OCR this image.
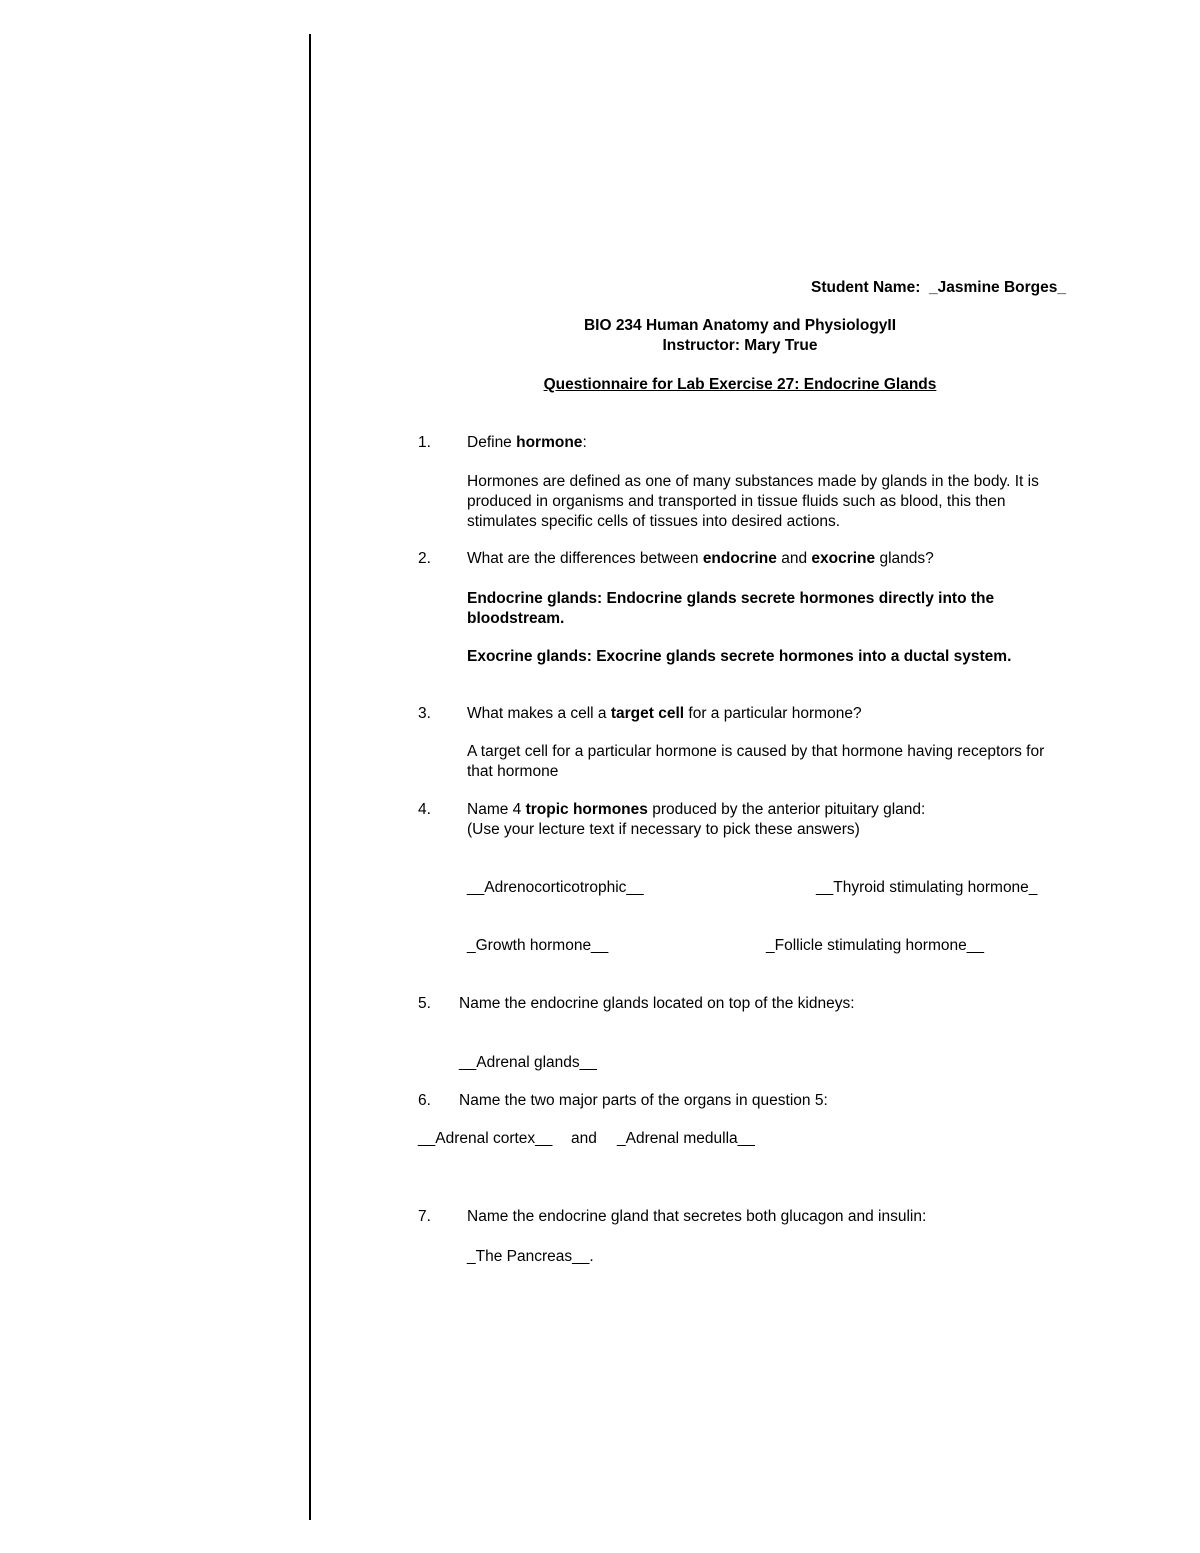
Student Name: _Jasmine Borges_
BIO 234 Human Anatomy and PhysiologyII
Instructor: Mary True
Questionnaire for Lab Exercise 27: Endocrine Glands
1. Define hormone:
Hormones are defined as one of many substances made by glands in the body. It is produced in organisms and transported in tissue fluids such as blood, this then stimulates specific cells of tissues into desired actions.
2. What are the differences between endocrine and exocrine glands?
Endocrine glands: Endocrine glands secrete hormones directly into the bloodstream.
Exocrine glands: Exocrine glands secrete hormones into a ductal system.
3. What makes a cell a target cell for a particular hormone?
A target cell for a particular hormone is caused by that hormone having receptors for that hormone
4. Name 4 tropic hormones produced by the anterior pituitary gland:
(Use your lecture text if necessary to pick these answers)
__Adrenocorticotrophic__	__Thyroid stimulating hormone_
_Growth hormone__	_Follicle stimulating hormone__
5. Name the endocrine glands located on top of the kidneys:
__Adrenal glands__
6. Name the two major parts of the organs in question 5:
__Adrenal cortex__ and _Adrenal medulla__
7. Name the endocrine gland that secretes both glucagon and insulin:
_The Pancreas__.
